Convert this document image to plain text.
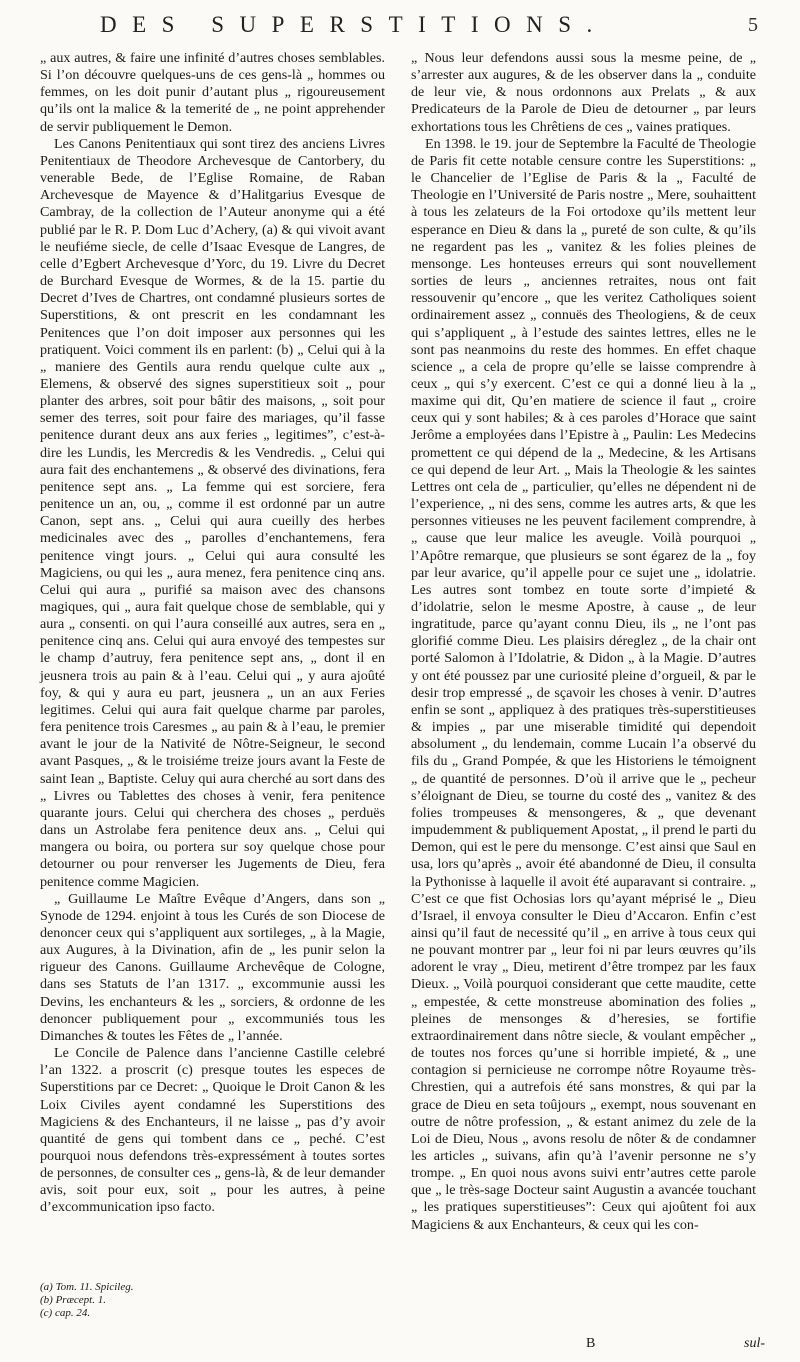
DES SUPERSTITIONS.	5

„ aux autres, & faire une infinité d’autres choses semblables. Si l’on découvre quelques-uns de ces gens-là „ hommes ou femmes, on les doit punir d’autant plus „ rigoureusement qu’ils ont la malice & la temerité de „ ne point apprehender de servir publiquement le Demon.

Les Canons Penitentiaux qui sont tirez des anciens Livres Penitentiaux de Theodore Archevesque de Cantorbery, du venerable Bede, de l’Eglise Romaine, de Raban Archevesque de Mayence & d’Halitgarius Evesque de Cambray, de la collection de l’Auteur anonyme qui a été publié par le R. P. Dom Luc d’Achery, (a) & qui vivoit avant le neufiéme siecle, de celle d’Isaac Evesque de Langres, de celle d’Egbert Archevesque d’Yorc, du 19. Livre du Decret de Burchard Evesque de Wormes, & de la 15. partie du Decret d’Ives de Chartres, ont condamné plusieurs sortes de Superstitions, & ont prescrit en les condamnant les Penitences que l’on doit imposer aux personnes qui les pratiquent. Voici comment ils en parlent: (b) „ Celui qui à la „ maniere des Gentils aura rendu quelque culte aux „ Elemens, & observé des signes superstitieux soit „ pour planter des arbres, soit pour bâtir des maisons, „ soit pour semer des terres, soit pour faire des mariages, qu’il fasse penitence durant deux ans aux feries „ legitimes”, c’est-à-dire les Lundis, les Mercredis & les Vendredis. „ Celui qui aura fait des enchantemens „ & observé des divinations, fera penitence sept ans. „ La femme qui est sorciere, fera penitence un an, ou, „ comme il est ordonné par un autre Canon, sept ans. „ Celui qui aura cueilly des herbes medicinales avec des „ parolles d’enchantemens, fera penitence vingt jours. „ Celui qui aura consulté les Magiciens, ou qui les „ aura menez, fera penitence cinq ans. Celui qui aura „ purifié sa maison avec des chansons magiques, qui „ aura fait quelque chose de semblable, qui y aura „ consenti. on qui l’aura conseillé aux autres, sera en „ penitence cinq ans. Celui qui aura envoyé des tempestes sur le champ d’autruy, fera penitence sept ans, „ dont il en jeusnera trois au pain & à l’eau. Celui qui „ y aura ajoûté foy, & qui y aura eu part, jeusnera „ un an aux Feries legitimes. Celui qui aura fait quelque charme par paroles, fera penitence trois Caresmes „ au pain & à l’eau, le premier avant le jour de la Nativité de Nôtre-Seigneur, le second avant Pasques, „ & le troisiéme treize jours avant la Feste de saint Iean „ Baptiste. Celuy qui aura cherché au sort dans des „ Livres ou Tablettes des choses à venir, fera penitence quarante jours. Celui qui cherchera des choses „ perduës dans un Astrolabe fera penitence deux ans. „ Celui qui mangera ou boira, ou portera sur soy quelque chose pour detourner ou pour renverser les Jugements de Dieu, fera penitence comme Magicien.

„ Guillaume Le Maître Evêque d’Angers, dans son „ Synode de 1294. enjoint à tous les Curés de son Diocese de denoncer ceux qui s’appliquent aux sortileges, „ à la Magie, aux Augures, à la Divination, afin de „ les punir selon la rigueur des Canons. Guillaume Archevêque de Cologne, dans ses Statuts de l’an 1317. „ excommunie aussi les Devins, les enchanteurs & les „ sorciers, & ordonne de les denoncer publiquement pour „ excommuniés tous les Dimanches & toutes les Fêtes de „ l’année.

Le Concile de Palence dans l’ancienne Castille celebré l’an 1322. a proscrit (c) presque toutes les especes de Superstitions par ce Decret: „ Quoique le Droit Canon & les Loix Civiles ayent condamné les Superstitions des Magiciens & des Enchanteurs, il ne laisse „ pas d’y avoir quantité de gens qui tombent dans ce „ peché. C’est pourquoi nous defendons très-expressément à toutes sortes de personnes, de consulter ces „ gens-là, & de leur demander avis, soit pour eux, soit „ pour les autres, à peine d’excommunication ipso facto.

„ Nous leur defendons aussi sous la mesme peine, de „ s’arrester aux augures, & de les observer dans la „ conduite de leur vie, & nous ordonnons aux Prelats „ & aux Predicateurs de la Parole de Dieu de detourner „ par leurs exhortations tous les Chrêtiens de ces „ vaines pratiques.

En 1398. le 19. jour de Septembre la Faculté de Theologie de Paris fit cette notable censure contre les Superstitions: „ le Chancelier de l’Eglise de Paris & la „ Faculté de Theologie en l’Université de Paris nostre „ Mere, souhaittent à tous les zelateurs de la Foi ortodoxe qu’ils mettent leur esperance en Dieu & dans la „ pureté de son culte, & qu’ils ne regardent pas les „ vanitez & les folies pleines de mensonge. Les honteuses erreurs qui sont nouvellement sorties de leurs „ anciennes retraites, nous ont fait ressouvenir qu’encore „ que les veritez Catholiques soient ordinairement assez „ connuës des Theologiens, & de ceux qui s’appliquent „ à l’estude des saintes lettres, elles ne le sont pas neanmoins du reste des hommes. En effet chaque science „ a cela de propre qu’elle se laisse comprendre à ceux „ qui s’y exercent. C’est ce qui a donné lieu à la „ maxime qui dit, Qu’en matiere de science il faut „ croire ceux qui y sont habiles; & à ces paroles d’Horace que saint Jerôme a employées dans l’Epistre à „ Paulin: Les Medecins promettent ce qui dépend de la „ Medecine, & les Artisans ce qui depend de leur Art. „ Mais la Theologie & les saintes Lettres ont cela de „ particulier, qu’elles ne dépendent ni de l’experience, „ ni des sens, comme les autres arts, & que les personnes vitieuses ne les peuvent facilement comprendre, à „ cause que leur malice les aveugle. Voilà pourquoi „ l’Apôtre remarque, que plusieurs se sont égarez de la „ foy par leur avarice, qu’il appelle pour ce sujet une „ idolatrie. Les autres sont tombez en toute sorte d’impieté & d’idolatrie, selon le mesme Apostre, à cause „ de leur ingratitude, parce qu’ayant connu Dieu, ils „ ne l’ont pas glorifié comme Dieu. Les plaisirs déreglez „ de la chair ont porté Salomon à l’Idolatrie, & Didon „ à la Magie. D’autres y ont été poussez par une curiosité pleine d’orgueil, & par le desir trop empressé „ de sçavoir les choses à venir. D’autres enfin se sont „ appliquez à des pratiques très-superstitieuses & impies „ par une miserable timidité qui dependoit absolument „ du lendemain, comme Lucain l’a observé du fils du „ Grand Pompée, & que les Historiens le témoignent „ de quantité de personnes. D’où il arrive que le „ pecheur s’éloignant de Dieu, se tourne du costé des „ vanitez & des folies trompeuses & mensongeres, & „ que devenant impudemment & publiquement Apostat, „ il prend le parti du Demon, qui est le pere du mensonge. C’est ainsi que Saul en usa, lors qu’après „ avoir été abandonné de Dieu, il consulta la Pythonisse à laquelle il avoit été auparavant si contraire. „ C’est ce que fist Ochosias lors qu’ayant méprisé le „ Dieu d’Israel, il envoya consulter le Dieu d’Accaron. Enfin c’est ainsi qu’il faut de necessité qu’il „ en arrive à tous ceux qui ne pouvant montrer par „ leur foi ni par leurs œuvres qu’ils adorent le vray „ Dieu, metirent d’être trompez par les faux Dieux. „ Voilà pourquoi considerant que cette maudite, cette „ empestée, & cette monstreuse abomination des folies „ pleines de mensonges & d’heresies, se fortifie extraordinairement dans nôtre siecle, & voulant empêcher „ de toutes nos forces qu’une si horrible impieté, & „ une contagion si pernicieuse ne corrompe nôtre Royaume très-Chrestien, qui a autrefois été sans monstres, & qui par la grace de Dieu en seta toûjours „ exempt, nous souvenant en outre de nôtre profession, „ & estant animez du zele de la Loi de Dieu, Nous „ avons resolu de nôter & de condamner les articles „ suivans, afin qu’à l’avenir personne ne s’y trompe. „ En quoi nous avons suivi entr’autres cette parole que „ le très-sage Docteur saint Augustin a avancée touchant „ les pratiques superstitieuses”: Ceux qui ajoûtent foi aux Magiciens & aux Enchanteurs, & ceux qui les con-

(a) Tom. 11. Spicileg.
(b) Præcept. 1.
(c) cap. 24.
B	sul-
